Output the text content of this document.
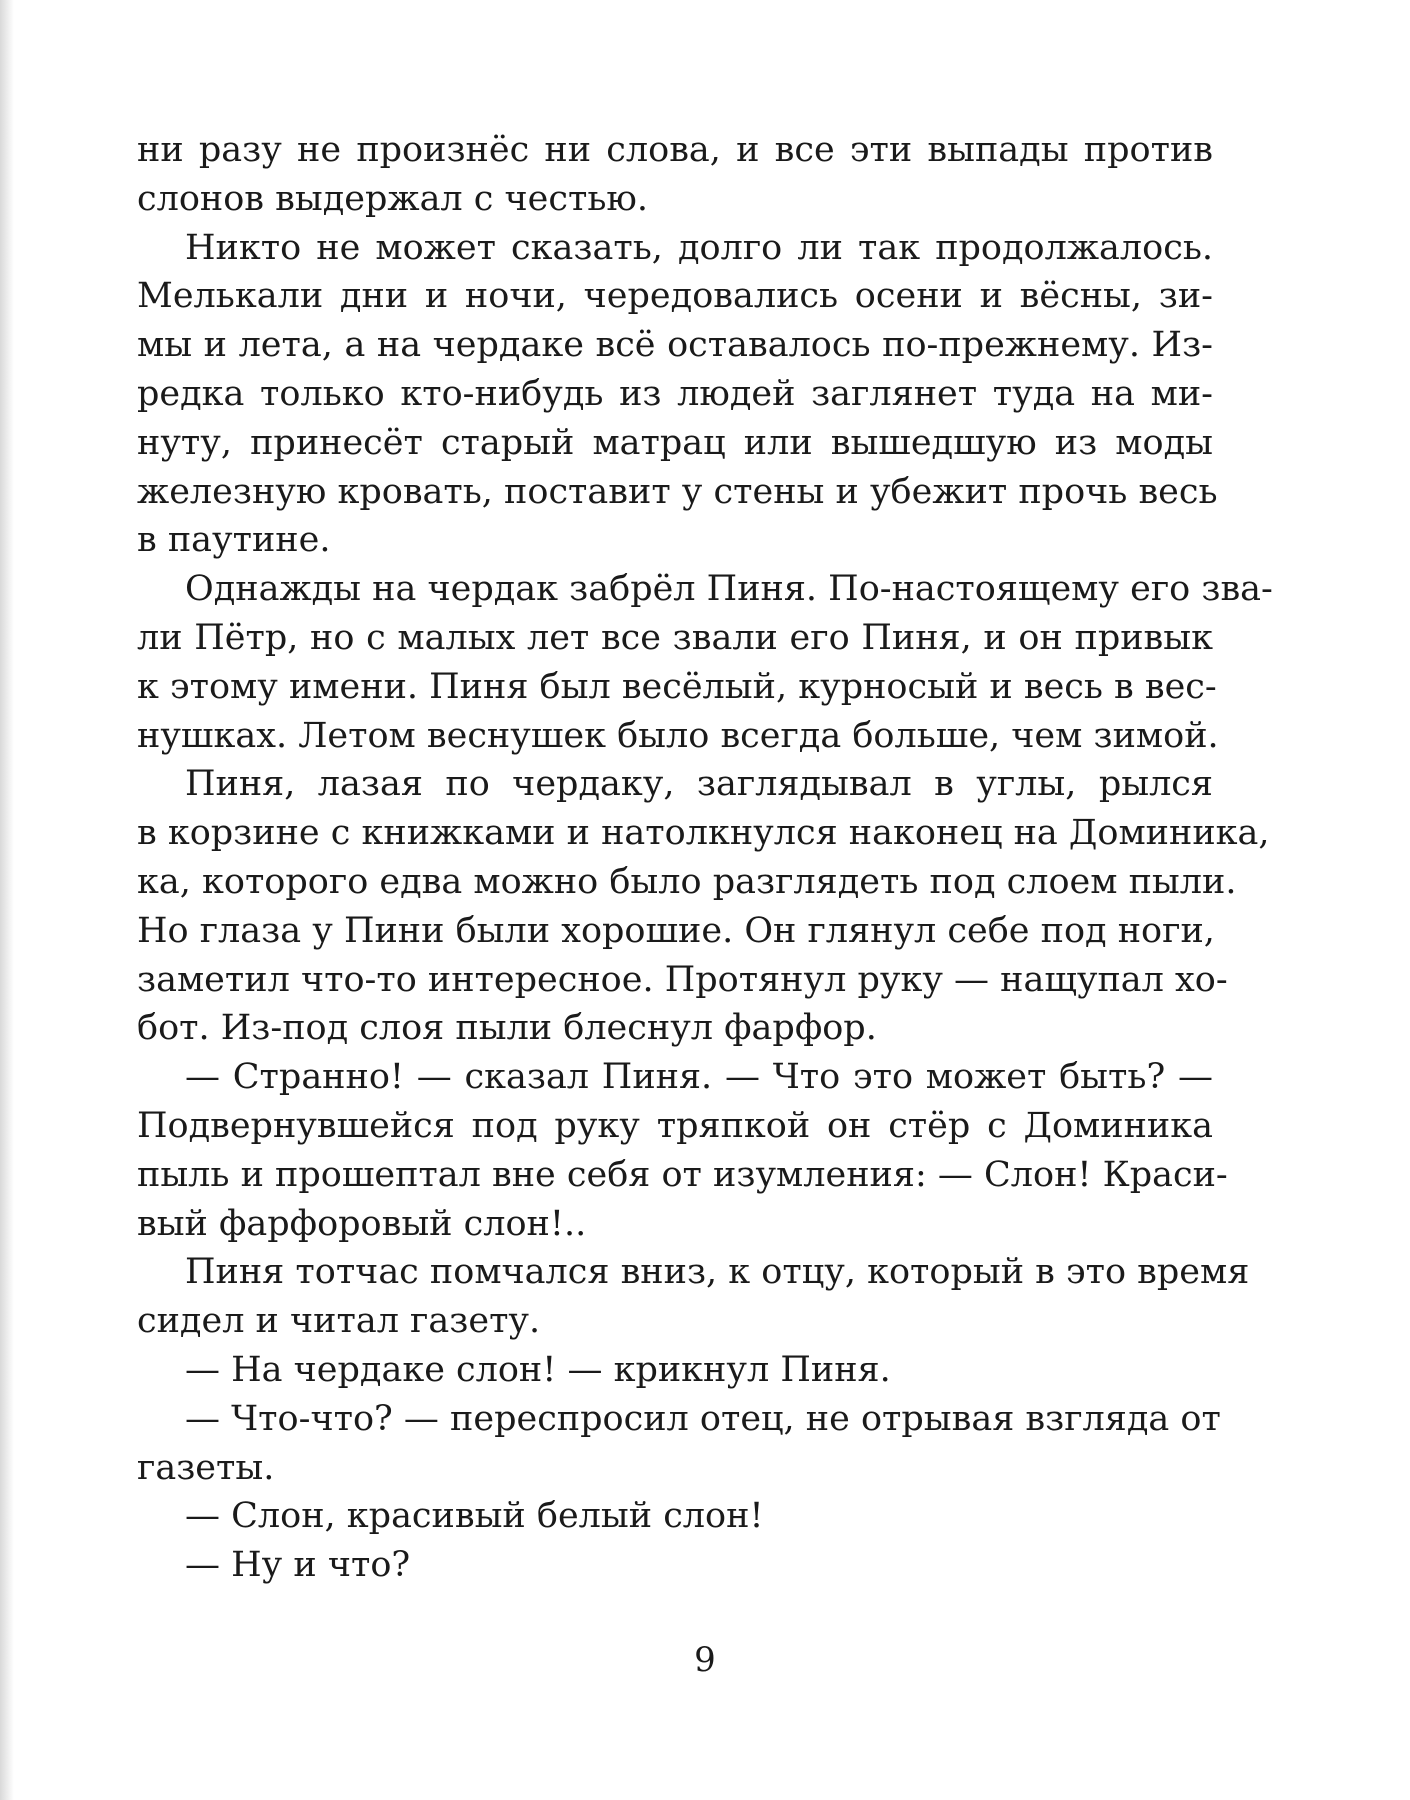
ни разу не произнёс ни слова, и все эти выпады против
слонов выдержал с честью.
Никто не может сказать, долго ли так продолжалось.
Мелькали дни и ночи, чередовались осени и вёсны, зи-
мы и лета, а на чердаке всё оставалось по-прежнему. Из-
редка только кто-нибудь из людей заглянет туда на ми-
нуту, принесёт старый матрац или вышедшую из моды
железную кровать, поставит у стены и убежит прочь весь
в паутине.
Однажды на чердак забрёл Пиня. По-настоящему его зва-
ли Пётр, но с малых лет все звали его Пиня, и он привык
к этому имени. Пиня был весёлый, курносый и весь в вес-
нушках. Летом веснушек было всегда больше, чем зимой.
Пиня, лазая по чердаку, заглядывал в углы, рылся
в корзине с книжками и натолкнулся наконец на Доминика,
ка, которого едва можно было разглядеть под слоем пыли.
Но глаза у Пини были хорошие. Он глянул себе под ноги,
заметил что-то интересное. Протянул руку — нащупал хо-
бот. Из-под слоя пыли блеснул фарфор.
— Странно! — сказал Пиня. — Что это может быть? —
Подвернувшейся под руку тряпкой он стёр с Доминика
пыль и прошептал вне себя от изумления: — Слон! Краси-
вый фарфоровый слон!..
Пиня тотчас помчался вниз, к отцу, который в это время
сидел и читал газету.
— На чердаке слон! — крикнул Пиня.
— Что-что? — переспросил отец, не отрывая взгляда от
газеты.
— Слон, красивый белый слон!
— Ну и что?
9
